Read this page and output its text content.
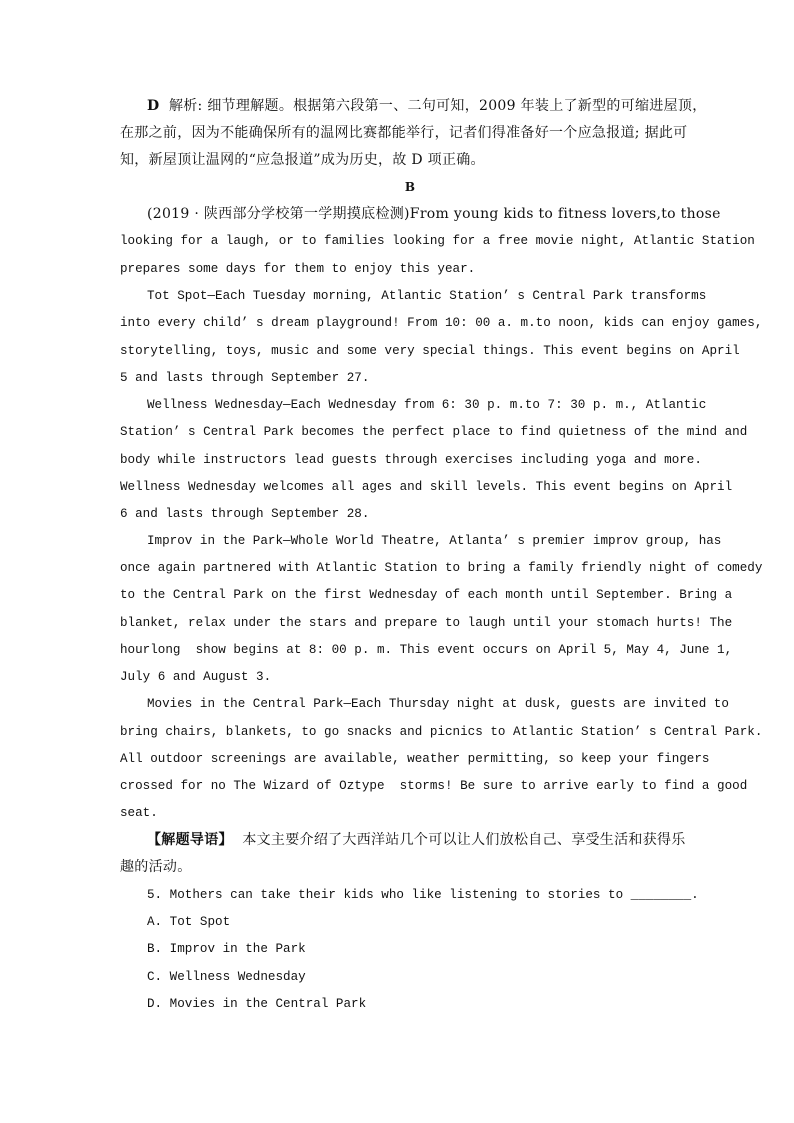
D  解析: 细节理解题。根据第六段第一、二句可知，2009 年装上了新型的可缩进屋顶，
在那之前，因为不能确保所有的温网比赛都能举行，记者们得准备好一个应急报道; 据此可
知，新屋顶让温网的“应急报道”成为历史，故 D 项正确。
B
(2019 · 陕西部分学校第一学期摸底检测)From young kids to fitness lovers,to those
looking for a laugh, or to families looking for a free movie night, Atlantic Station
prepares some days for them to enjoy this year.
Tot Spot—Each Tuesday morning, Atlantic Station’ s Central Park transforms
into every child’ s dream playground! From 10: 00 a. m.to noon, kids can enjoy games,
storytelling, toys, music and some very special things. This event begins on April
5 and lasts through September 27.
Wellness Wednesday—Each Wednesday from 6: 30 p. m.to 7: 30 p. m., Atlantic
Station’ s Central Park becomes the perfect place to find quietness of the mind and
body while instructors lead guests through exercises including yoga and more.
Wellness Wednesday welcomes all ages and skill levels. This event begins on April
6 and lasts through September 28.
Improv in the Park—Whole World Theatre, Atlanta’ s premier improv group, has
once again partnered with Atlantic Station to bring a family friendly night of comedy
to the Central Park on the first Wednesday of each month until September. Bring a
blanket, relax under the stars and prepare to laugh until your stomach hurts! The
hourlong  show begins at 8: 00 p. m. This event occurs on April 5, May 4, June 1,
July 6 and August 3.
Movies in the Central Park—Each Thursday night at dusk, guests are invited to
bring chairs, blankets, to go snacks and picnics to Atlantic Station’ s Central Park.
All outdoor screenings are available, weather permitting, so keep your fingers
crossed for no The Wizard of Oztype  storms! Be sure to arrive early to find a good
seat.
【解题导语】  本文主要介绍了大西洋站几个可以让人们放松自己、享受生活和获得乐
趣的活动。
5. Mothers can take their kids who like listening to stories to ________.
A. Tot Spot
B. Improv in the Park
C. Wellness Wednesday
D. Movies in the Central Park
